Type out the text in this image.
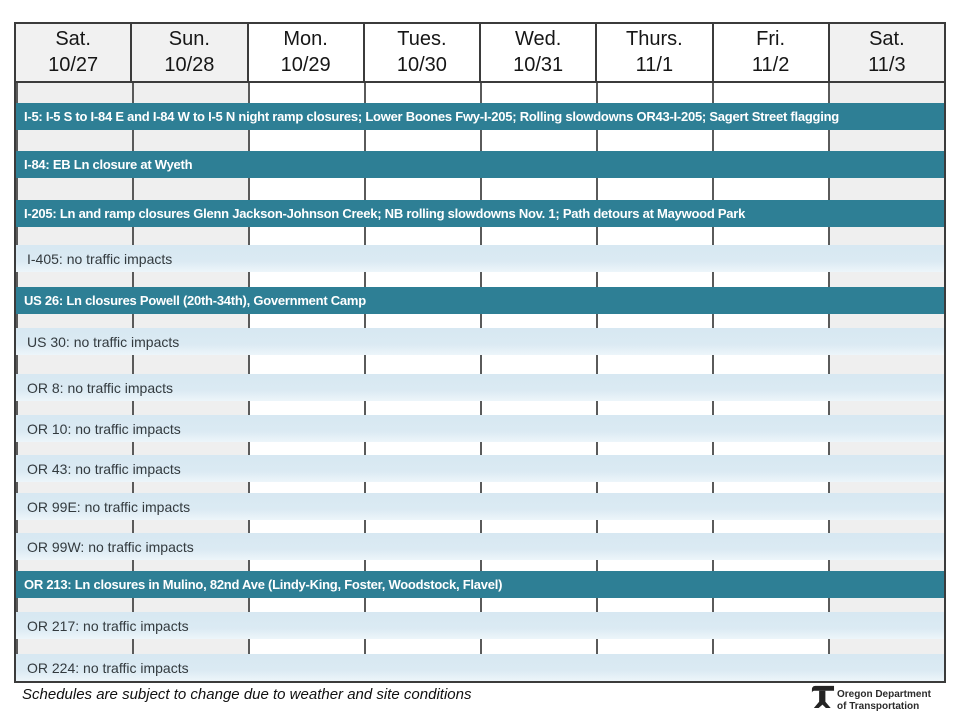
Sat.
10/27
Sun.
10/28
Mon.
10/29
Tues.
10/30
Wed.
10/31
Thurs.
11/1
Fri.
11/2
Sat.
11/3
I-5: I-5 S to I-84 E and I-84 W to I-5 N night ramp closures; Lower Boones Fwy-I-205; Rolling slowdowns OR43-I-205; Sagert Street flagging
I-84: EB Ln closure at Wyeth
I-205: Ln and ramp closures Glenn Jackson-Johnson Creek; NB rolling slowdowns Nov. 1; Path detours at Maywood Park
I-405: no traffic impacts
US 26: Ln closures Powell (20th-34th), Government Camp
US 30: no traffic impacts
OR 8: no traffic impacts
OR 10: no traffic impacts
OR 43: no traffic impacts
OR 99E: no traffic impacts
OR 99W: no traffic impacts
OR 213: Ln closures in Mulino, 82nd Ave (Lindy-King, Foster, Woodstock, Flavel)
OR 217: no traffic impacts
OR 224: no traffic impacts
Schedules are subject to change due to weather and site conditions	Oregon Department
of Transportation
